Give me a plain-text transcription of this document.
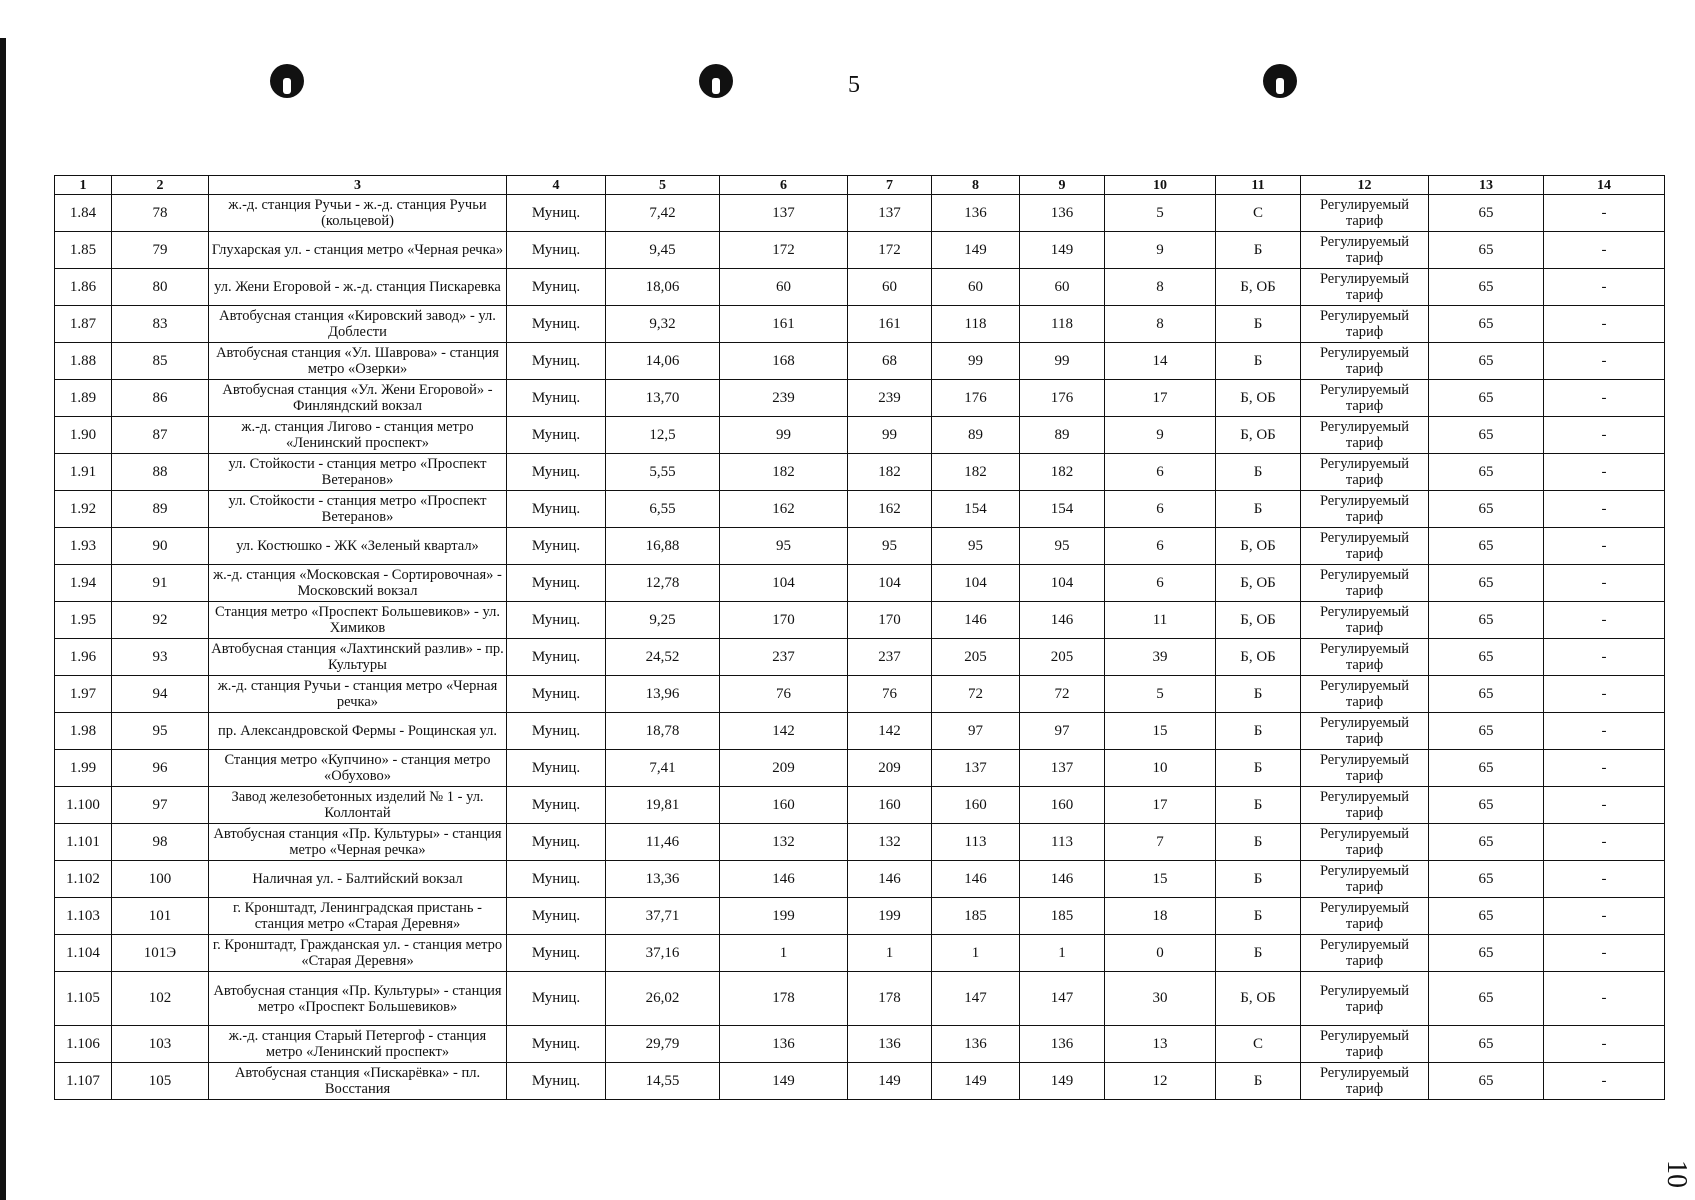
5
1	2	3	4	5	6	7	8	9	10	11	12	13	14
1.84	78	ж.-д. станция Ручьи - ж.-д. станция Ручьи (кольцевой)	Муниц.	7,42	137	137	136	136	5	С	Регулируемый тариф	65	-
1.85	79	Глухарская ул. - станция метро «Черная речка»	Муниц.	9,45	172	172	149	149	9	Б	Регулируемый тариф	65	-
1.86	80	ул. Жени Егоровой - ж.-д. станция Пискаревка	Муниц.	18,06	60	60	60	60	8	Б, ОБ	Регулируемый тариф	65	-
1.87	83	Автобусная станция «Кировский завод» - ул. Доблести	Муниц.	9,32	161	161	118	118	8	Б	Регулируемый тариф	65	-
1.88	85	Автобусная станция «Ул. Шаврова» - станция метро «Озерки»	Муниц.	14,06	168	68	99	99	14	Б	Регулируемый тариф	65	-
1.89	86	Автобусная станция «Ул. Жени Егоровой» - Финляндский вокзал	Муниц.	13,70	239	239	176	176	17	Б, ОБ	Регулируемый тариф	65	-
1.90	87	ж.-д. станция Лигово - станция метро «Ленинский проспект»	Муниц.	12,5	99	99	89	89	9	Б, ОБ	Регулируемый тариф	65	-
1.91	88	ул. Стойкости - станция метро «Проспект Ветеранов»	Муниц.	5,55	182	182	182	182	6	Б	Регулируемый тариф	65	-
1.92	89	ул. Стойкости - станция метро «Проспект Ветеранов»	Муниц.	6,55	162	162	154	154	6	Б	Регулируемый тариф	65	-
1.93	90	ул. Костюшко - ЖК «Зеленый квартал»	Муниц.	16,88	95	95	95	95	6	Б, ОБ	Регулируемый тариф	65	-
1.94	91	ж.-д. станция «Московская - Сортировочная» - Московский вокзал	Муниц.	12,78	104	104	104	104	6	Б, ОБ	Регулируемый тариф	65	-
1.95	92	Станция метро «Проспект Большевиков» - ул. Химиков	Муниц.	9,25	170	170	146	146	11	Б, ОБ	Регулируемый тариф	65	-
1.96	93	Автобусная станция «Лахтинский разлив» - пр. Культуры	Муниц.	24,52	237	237	205	205	39	Б, ОБ	Регулируемый тариф	65	-
1.97	94	ж.-д. станция Ручьи - станция метро «Черная речка»	Муниц.	13,96	76	76	72	72	5	Б	Регулируемый тариф	65	-
1.98	95	пр. Александровской Фермы - Рощинская ул.	Муниц.	18,78	142	142	97	97	15	Б	Регулируемый тариф	65	-
1.99	96	Станция метро «Купчино» - станция метро «Обухово»	Муниц.	7,41	209	209	137	137	10	Б	Регулируемый тариф	65	-
1.100	97	Завод железобетонных изделий № 1 - ул. Коллонтай	Муниц.	19,81	160	160	160	160	17	Б	Регулируемый тариф	65	-
1.101	98	Автобусная станция «Пр. Культуры» - станция метро «Черная речка»	Муниц.	11,46	132	132	113	113	7	Б	Регулируемый тариф	65	-
1.102	100	Наличная ул. - Балтийский вокзал	Муниц.	13,36	146	146	146	146	15	Б	Регулируемый тариф	65	-
1.103	101	г. Кронштадт, Ленинградская пристань - станция метро «Старая Деревня»	Муниц.	37,71	199	199	185	185	18	Б	Регулируемый тариф	65	-
1.104	101Э	г. Кронштадт, Гражданская ул. - станция метро «Старая Деревня»	Муниц.	37,16	1	1	1	1	0	Б	Регулируемый тариф	65	-
1.105	102	Автобусная станция «Пр. Культуры» - станция метро «Проспект Большевиков»	Муниц.	26,02	178	178	147	147	30	Б, ОБ	Регулируемый тариф	65	-
1.106	103	ж.-д. станция Старый Петергоф - станция метро «Ленинский проспект»	Муниц.	29,79	136	136	136	136	13	С	Регулируемый тариф	65	-
1.107	105	Автобусная станция «Пискарёвка» - пл. Восстания	Муниц.	14,55	149	149	149	149	12	Б	Регулируемый тариф	65	-
10
